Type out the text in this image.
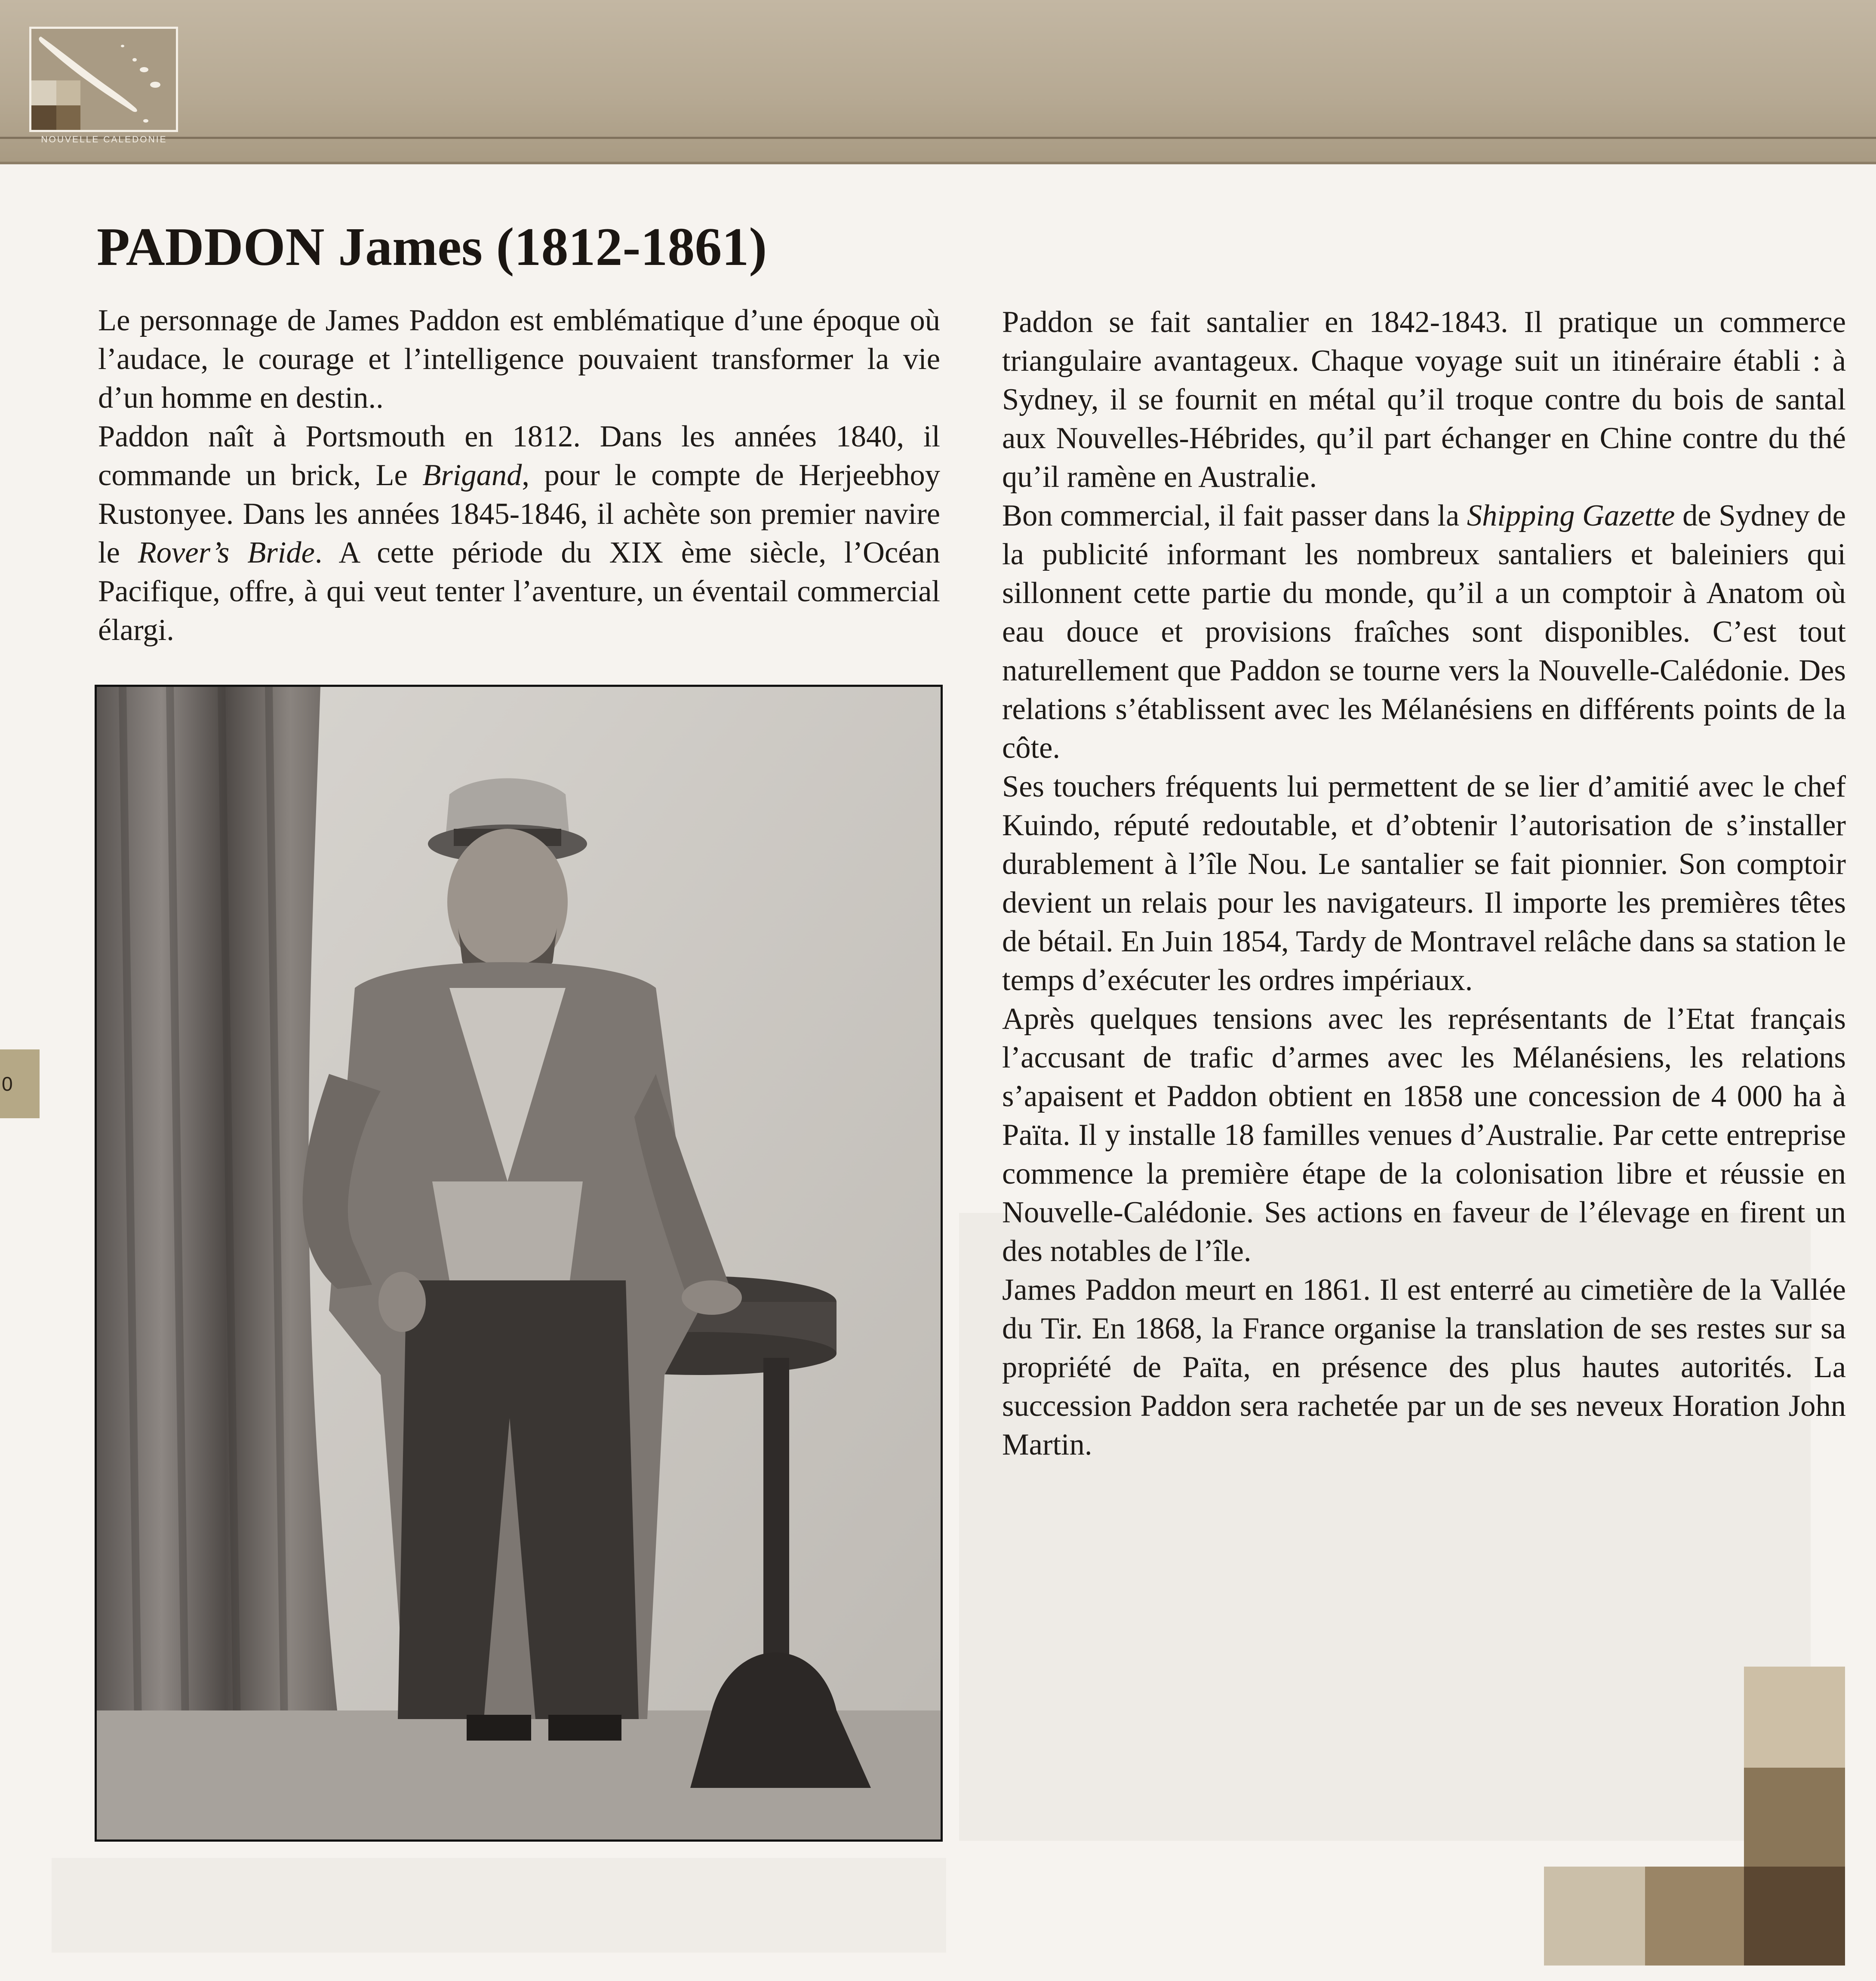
NOUVELLE CALEDONIE
0
PADDON James (1812-1861)

Le personnage de James Paddon est emblématique d’une époque où l’audace, le courage et l’intelligence pouvaient transformer la vie d’un homme en destin..

Paddon naît à Portsmouth en 1812. Dans les années 1840, il commande un brick, Le Brigand, pour le compte de Herjeebhoy Rustonyee. Dans les années 1845-1846, il achète son premier navire le Rover’s Bride. A cette période du XIX ème siècle, l’Océan Pacifique, offre, à qui veut tenter l’aventure, un éventail commercial élargi.

Paddon se fait santalier en 1842-1843. Il pratique un commerce triangulaire avantageux. Chaque voyage suit un itinéraire établi : à Sydney, il se fournit en métal qu’il troque contre du bois de santal aux Nouvelles-Hébrides, qu’il part échanger en Chine contre du thé qu’il ramène en Australie.

Bon commercial, il fait passer dans la Shipping Gazette de Sydney de la publicité informant les nombreux santaliers et baleiniers qui sillonnent cette partie du monde, qu’il a un comptoir à Anatom où eau douce et provisions fraîches sont disponibles. C’est tout naturellement que Paddon se tourne vers la Nouvelle-Calédonie. Des relations s’établissent avec les Mélanésiens en différents points de la côte.

Ses touchers fréquents lui permettent de se lier d’amitié avec le chef Kuindo, réputé redoutable, et d’obtenir l’autorisation de s’installer durablement à l’île Nou. Le santalier se fait pionnier. Son comptoir devient un relais pour les navigateurs. Il importe les premières têtes de bétail. En Juin 1854, Tardy de Montravel relâche dans sa station le temps d’exécuter les ordres impériaux.

Après quelques tensions avec les représentants de l’Etat français l’accusant de trafic d’armes avec les Mélanésiens, les relations s’apaisent et Paddon obtient en 1858 une concession de 4 000 ha à Païta. Il y installe 18 familles venues d’Australie. Par cette entreprise commence la première étape de la colonisation libre et réussie en Nouvelle-Calédonie. Ses actions en faveur de l’élevage en firent un des notables de l’île.

James Paddon meurt en 1861. Il est enterré au cimetière de la Vallée du Tir. En 1868, la France organise la translation de ses restes sur sa propriété de Païta, en présence des plus hautes autorités. La succession Paddon sera rachetée par un de ses neveux Horation John Martin.
